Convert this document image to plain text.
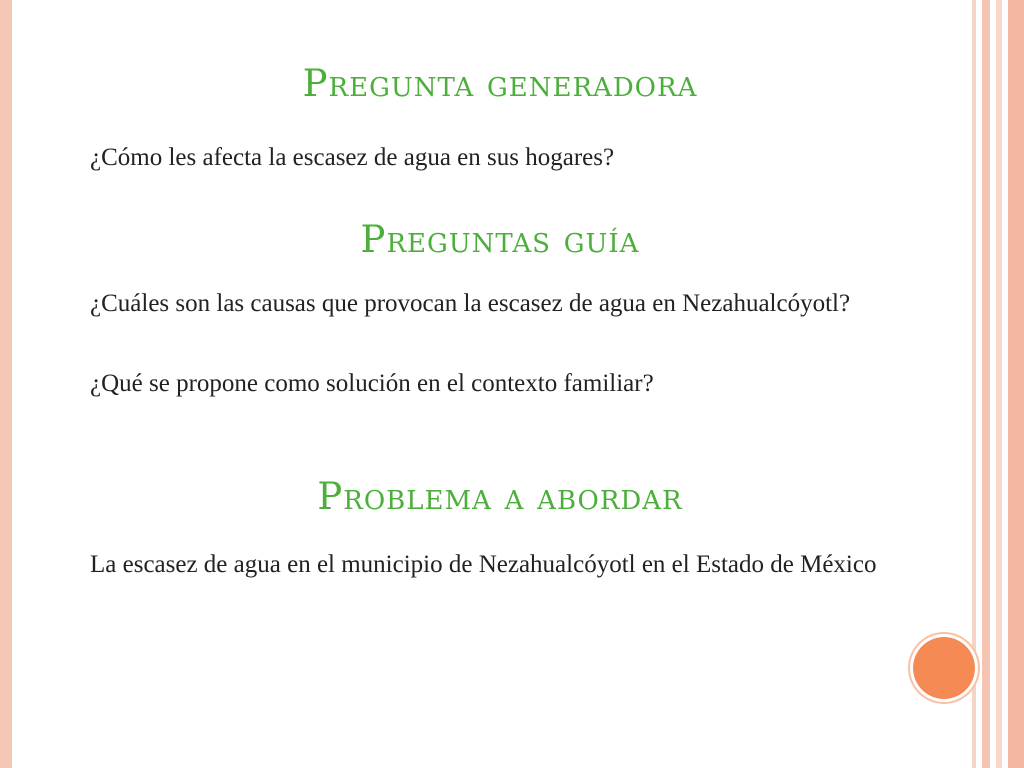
Pregunta generadora
¿Cómo les afecta la escasez de agua en sus hogares?
Preguntas guía
¿Cuáles son las causas que provocan la escasez de agua en Nezahualcóyotl?
¿Qué se propone como solución en el contexto familiar?
Problema a abordar
La escasez de agua en el municipio de Nezahualcóyotl en el Estado de México
